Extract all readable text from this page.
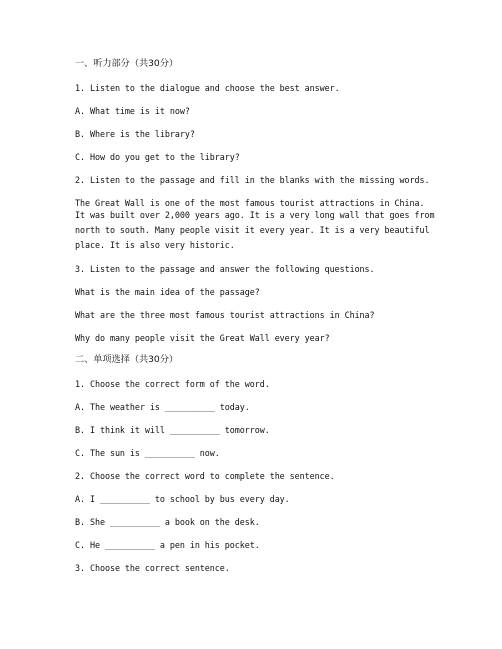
一、听力部分（共30分）
1. Listen to the dialogue and choose the best answer.
A. What time is it now?
B. Where is the library?
C. How do you get to the library?
2. Listen to the passage and fill in the blanks with the missing words.
The Great Wall is one of the most famous tourist attractions in China.
It was built over 2,000 years ago. It is a very long wall that goes from
north to south. Many people visit it every year. It is a very beautiful
place. It is also very historic.
3. Listen to the passage and answer the following questions.
What is the main idea of the passage?
What are the three most famous tourist attractions in China?
Why do many people visit the Great Wall every year?
二、单项选择（共30分）
1. Choose the correct form of the word.
A. The weather is __________ today.
B. I think it will __________ tomorrow.
C. The sun is __________ now.
2. Choose the correct word to complete the sentence.
A. I __________ to school by bus every day.
B. She __________ a book on the desk.
C. He __________ a pen in his pocket.
3. Choose the correct sentence.
